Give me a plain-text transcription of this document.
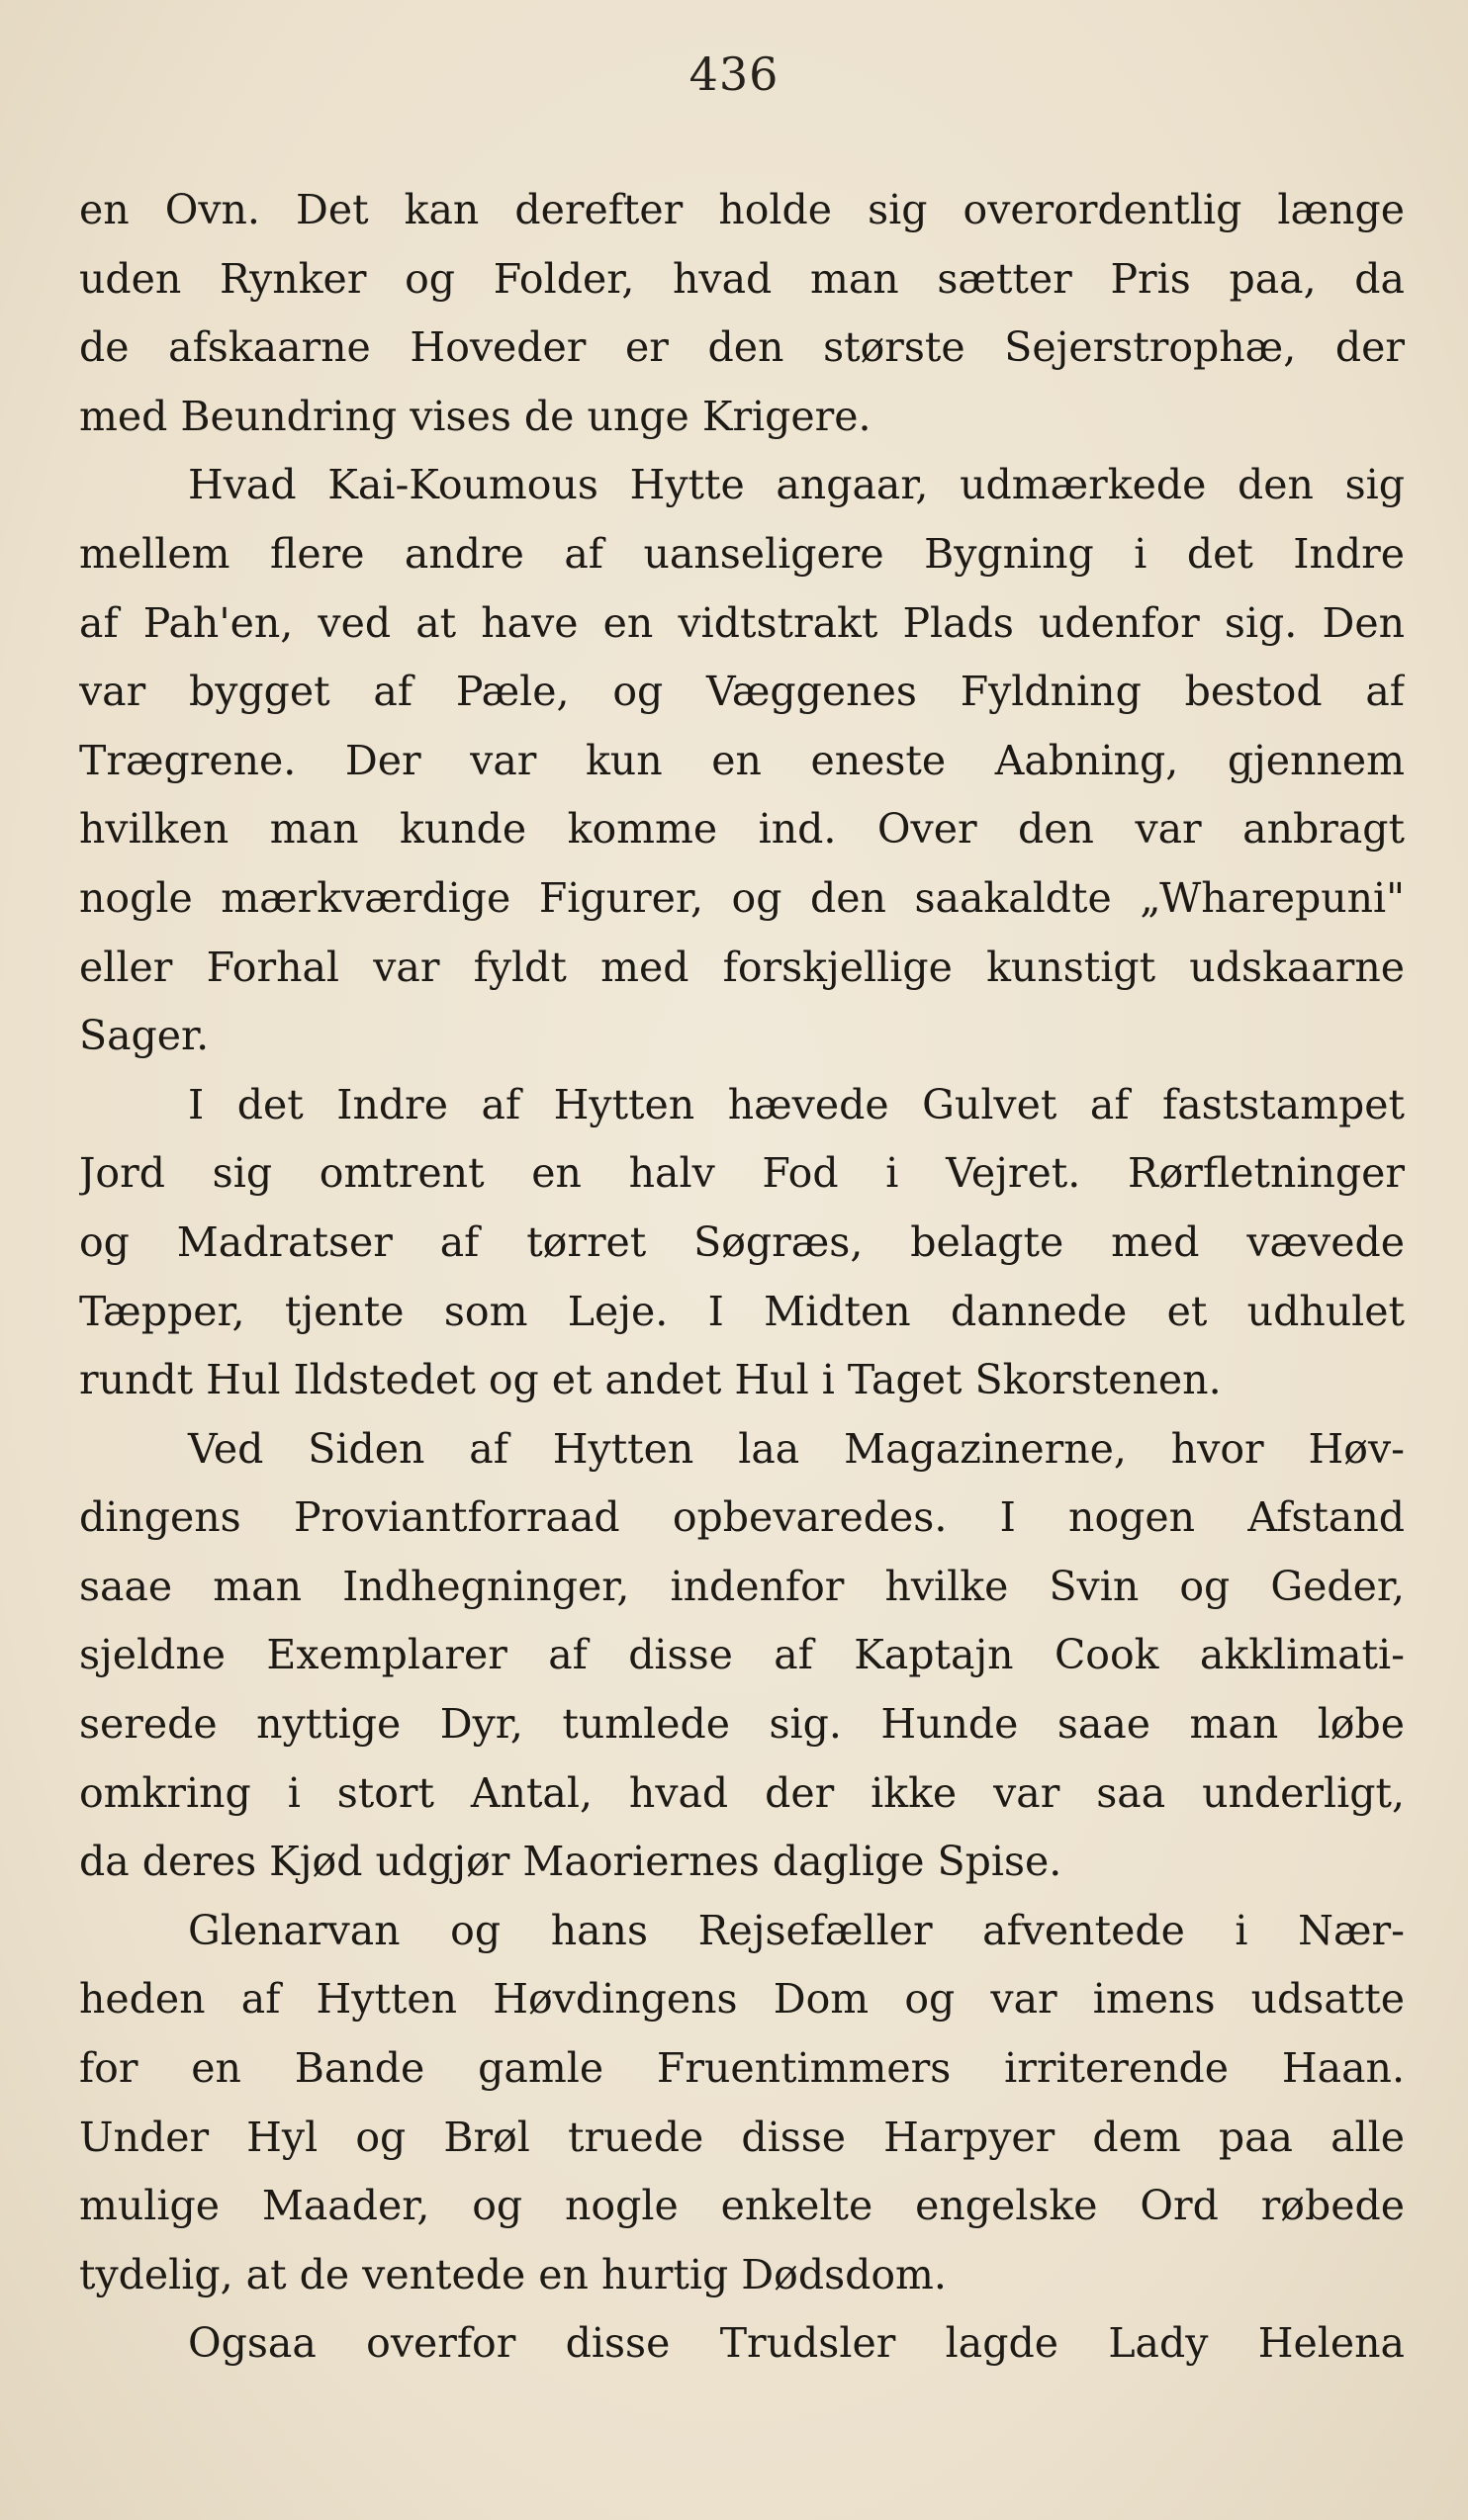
436
en Ovn. Det kan derefter holde sig overordentlig længe
uden Rynker og Folder, hvad man sætter Pris paa, da
de afskaarne Hoveder er den største Sejerstrophæ, der
med Beundring vises de unge Krigere.
Hvad Kai-Koumous Hytte angaar, udmærkede den sig
mellem flere andre af uanseligere Bygning i det Indre
af Pah'en, ved at have en vidtstrakt Plads udenfor sig. Den
var bygget af Pæle, og Væggenes Fyldning bestod af
Trægrene. Der var kun en eneste Aabning, gjennem
hvilken man kunde komme ind. Over den var anbragt
nogle mærkværdige Figurer, og den saakaldte „Wharepuni"
eller Forhal var fyldt med forskjellige kunstigt udskaarne
Sager.
I det Indre af Hytten hævede Gulvet af faststampet
Jord sig omtrent en halv Fod i Vejret. Rørfletninger
og Madratser af tørret Søgræs, belagte med vævede
Tæpper, tjente som Leje. I Midten dannede et udhulet
rundt Hul Ildstedet og et andet Hul i Taget Skorstenen.
Ved Siden af Hytten laa Magazinerne, hvor Høv-
dingens Proviantforraad opbevaredes. I nogen Afstand
saae man Indhegninger, indenfor hvilke Svin og Geder,
sjeldne Exemplarer af disse af Kaptajn Cook akklimati-
serede nyttige Dyr, tumlede sig. Hunde saae man løbe
omkring i stort Antal, hvad der ikke var saa underligt,
da deres Kjød udgjør Maoriernes daglige Spise.
Glenarvan og hans Rejsefæller afventede i Nær-
heden af Hytten Høvdingens Dom og var imens udsatte
for en Bande gamle Fruentimmers irriterende Haan.
Under Hyl og Brøl truede disse Harpyer dem paa alle
mulige Maader, og nogle enkelte engelske Ord røbede
tydelig, at de ventede en hurtig Dødsdom.
Ogsaa overfor disse Trudsler lagde Lady Helena
